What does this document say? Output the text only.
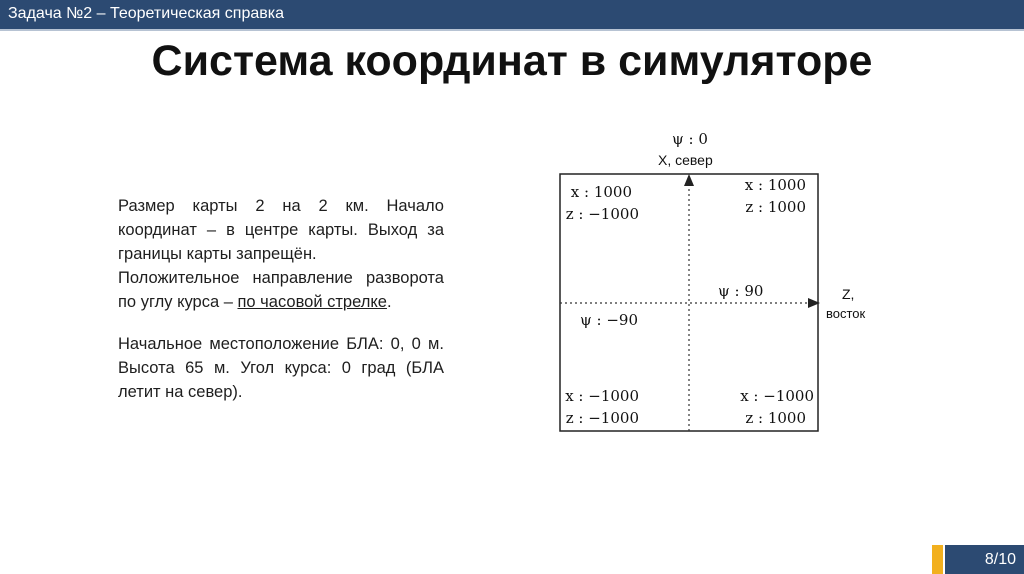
Задача №2 – Теоретическая справка
Система координат в симуляторе

Размер карты 2 на 2 км. Начало координат – в центре карты. Выход за границы карты запрещён.

Положительное направление разворота по углу курса – по часовой стрелке.

Начальное местоположение БЛА: 0, 0 м. Высота 65 м. Угол курса: 0 град (БЛА летит на север).

ψ : 0
X, север
Z,
восток
ψ : 90
ψ : −90
x : 1000
z : −1000
x : 1000
z : 1000
x : −1000
z : −1000
x : −1000
z : 1000
8/10
